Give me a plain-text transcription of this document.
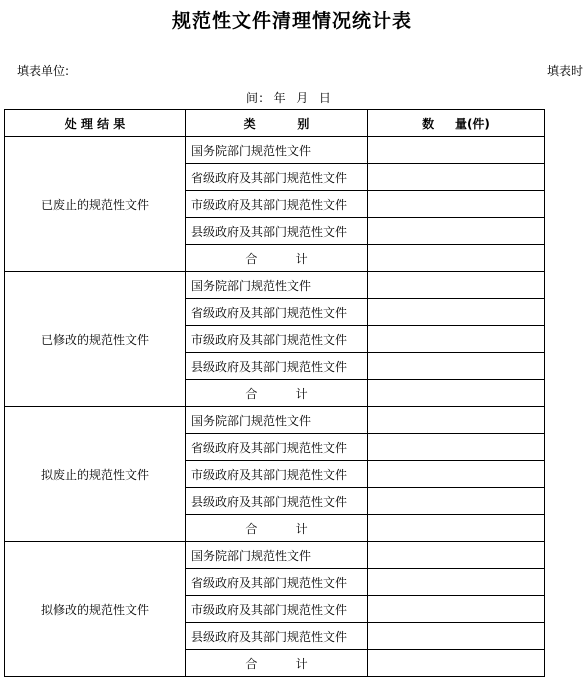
规范性文件清理情况统计表
填表单位:	填表时
间:  年  月  日
处 理 结 果	类          别	数     量(件)
已废止的规范性文件	国务院部门规范性文件	
	省级政府及其部门规范性文件	
	市级政府及其部门规范性文件	
	县级政府及其部门规范性文件	
	合          计	
已修改的规范性文件	国务院部门规范性文件	
	省级政府及其部门规范性文件	
	市级政府及其部门规范性文件	
	县级政府及其部门规范性文件	
	合          计	
拟废止的规范性文件	国务院部门规范性文件	
	省级政府及其部门规范性文件	
	市级政府及其部门规范性文件	
	县级政府及其部门规范性文件	
	合          计	
拟修改的规范性文件	国务院部门规范性文件	
	省级政府及其部门规范性文件	
	市级政府及其部门规范性文件	
	县级政府及其部门规范性文件	
	合          计	
